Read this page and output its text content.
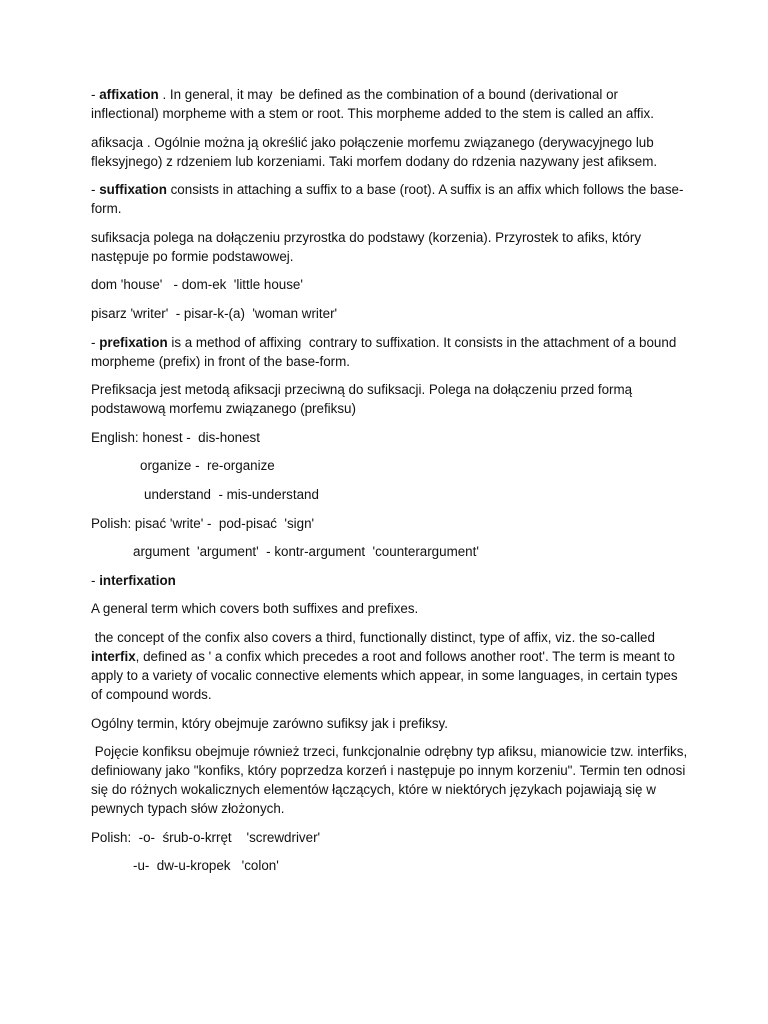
- affixation . In general, it may  be defined as the combination of a bound (derivational or inflectional) morpheme with a stem or root. This morpheme added to the stem is called an affix.

afiksacja . Ogólnie można ją określić jako połączenie morfemu związanego (derywacyjnego lub fleksyjnego) z rdzeniem lub korzeniami. Taki morfem dodany do rdzenia nazywany jest afiksem.

- suffixation consists in attaching a suffix to a base (root). A suffix is an affix which follows the base-form.

sufiksacja polega na dołączeniu przyrostka do podstawy (korzenia). Przyrostek to afiks, który następuje po formie podstawowej.

dom 'house'   - dom-ek  'little house'

pisarz 'writer'  - pisar-k-(a)  'woman writer'

- prefixation is a method of affixing  contrary to suffixation. It consists in the attachment of a bound morpheme (prefix) in front of the base-form.

Prefiksacja jest metodą afiksacji przeciwną do sufiksacji. Polega na dołączeniu przed formą podstawową morfemu związanego (prefiksu)

English: honest -  dis-honest

organize -  re-organize

understand  - mis-understand

Polish: pisać 'write' -  pod-pisać  'sign'

argument  'argument'  - kontr-argument  'counterargument'

- interfixation

A general term which covers both suffixes and prefixes.

the concept of the confix also covers a third, functionally distinct, type of affix, viz. the so-called interfix, defined as ' a confix which precedes a root and follows another root'. The term is meant to apply to a variety of vocalic connective elements which appear, in some languages, in certain types of compound words.

Ogólny termin, który obejmuje zarówno sufiksy jak i prefiksy.

Pojęcie konfiksu obejmuje również trzeci, funkcjonalnie odrębny typ afiksu, mianowicie tzw. interfiks, definiowany jako "konfiks, który poprzedza korzeń i następuje po innym korzeniu". Termin ten odnosi się do różnych wokalicznych elementów łączących, które w niektórych językach pojawiają się w pewnych typach słów złożonych.

Polish:  -o-  śrub-o-krręt    'screwdriver'

-u-  dw-u-kropek   'colon'
